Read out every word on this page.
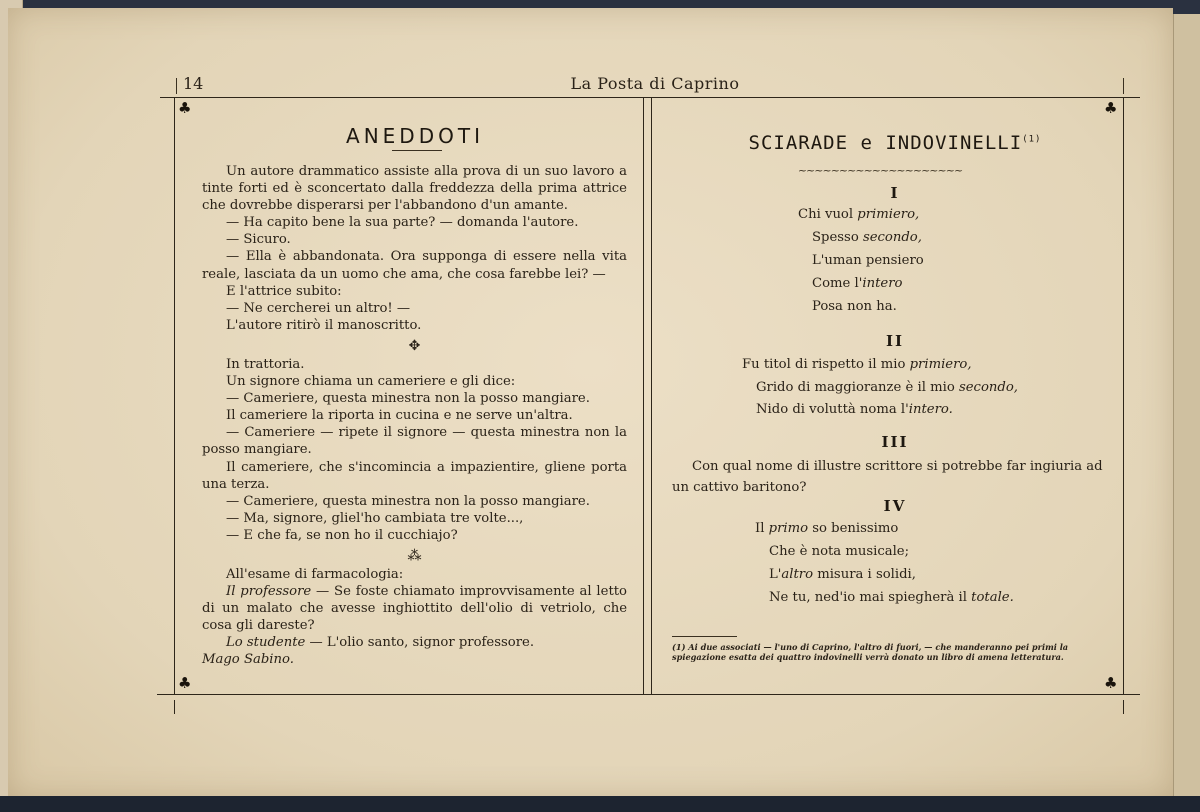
14	La Posta di Caprino
♣
♣
♣
♣
ANEDDOTI

Un autore drammatico assiste alla prova di un suo lavoro a tinte forti ed è sconcertato dalla freddezza della prima attrice che dovrebbe disperarsi per l'abbandono d'un amante.

— Ha capito bene la sua parte? — domanda l'autore.

— Sicuro.

— Ella è abbandonata. Ora supponga di essere nella vita reale, lasciata da un uomo che ama, che cosa farebbe lei? —

E l'attrice subito:

— Ne cercherei un altro! —

L'autore ritirò il manoscritto.

✥

In trattoria.

Un signore chiama un cameriere e gli dice:

— Cameriere, questa minestra non la posso mangiare.

Il cameriere la riporta in cucina e ne serve un'altra.

— Cameriere — ripete il signore — questa minestra non la posso mangiare.

Il cameriere, che s'incomincia a impazientire, gliene porta una terza.

— Cameriere, questa minestra non la posso mangiare.

— Ma, signore, gliel'ho cambiata tre volte...,

— E che fa, se non ho il cucchiajo?

⁂

All'esame di farmacologia:

Il professore — Se foste chiamato improvvisamente al letto di un malato che avesse inghiottito dell'olio di vetriolo, che cosa gli dareste?

Lo studente — L'olio santo, signor professore.

Mago Sabino.

SCIARADE e INDOVINELLI$^{(1)}$
~~~~~~~~~~~~~~~~~~~~
I
Chi vuol primiero,
Spesso secondo,
L'uman pensiero
Come l'intero
Posa non ha.
II
Fu titol di rispetto il mio primiero,
Grido di maggioranze è il mio secondo,
Nido di voluttà noma l'intero.
III
Con qual nome di illustre scrittore si potrebbe far ingiuria ad
un cattivo baritono?
IV
Il primo so benissimo
Che è nota musicale;
L'altro misura i solidi,
Ne tu, ned'io mai spiegherà il totale.
(1) Ai due associati — l'uno di Caprino, l'altro di fuori, — che manderanno pei primi la spiegazione esatta dei quattro indovinelli verrà donato un libro di amena letteratura.
